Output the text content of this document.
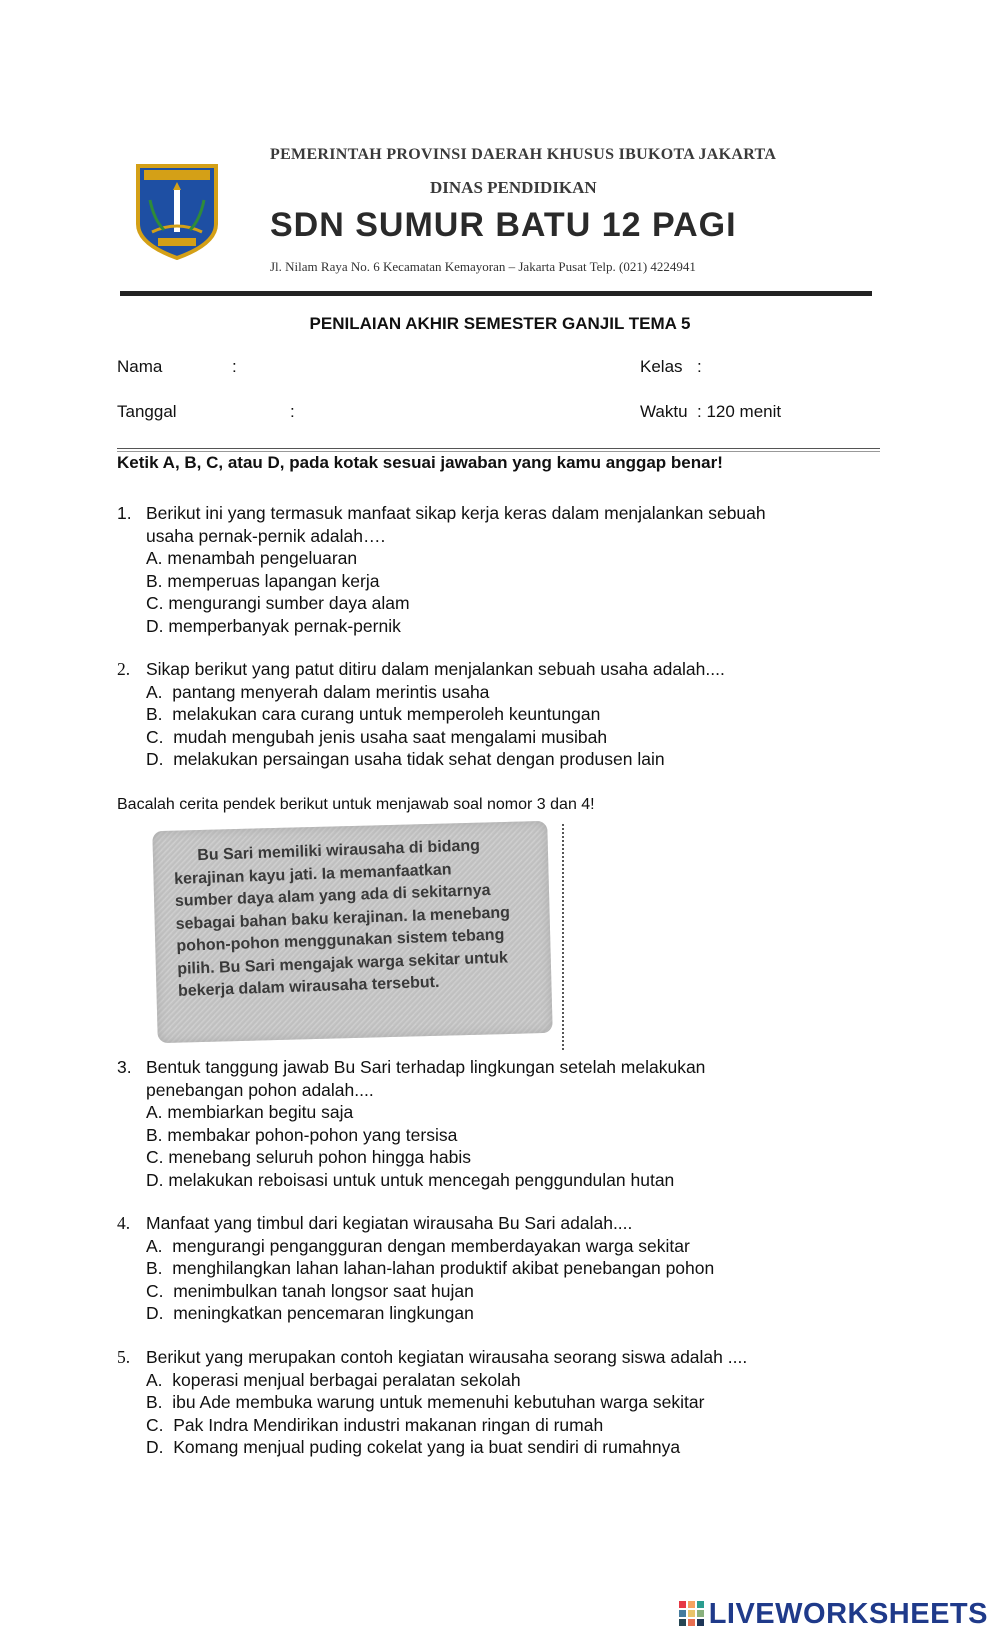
PEMERINTAH PROVINSI DAERAH KHUSUS IBUKOTA JAKARTA
DINAS PENDIDIKAN
SDN SUMUR BATU 12 PAGI
Jl. Nilam Raya No. 6 Kecamatan Kemayoran – Jakarta Pusat Telp. (021) 4224941
PENILAIAN AKHIR SEMESTER GANJIL TEMA 5
Nama	:	Kelas :
Tanggal	:	Waktu : 120 menit
Ketik A, B, C, atau D, pada kotak sesuai jawaban yang kamu anggap benar!
1. Berikut ini yang termasuk manfaat sikap kerja keras dalam menjalankan sebuah
usaha pernak-pernik adalah….
A. menambah pengeluaran
B. memperuas lapangan kerja
C. mengurangi sumber daya alam
D. memperbanyak pernak-pernik
2. Sikap berikut yang patut ditiru dalam menjalankan sebuah usaha adalah....
A. pantang menyerah dalam merintis usaha
B. melakukan cara curang untuk memperoleh keuntungan
C. mudah mengubah jenis usaha saat mengalami musibah
D. melakukan persaingan usaha tidak sehat dengan produsen lain
Bacalah cerita pendek berikut untuk menjawab soal nomor 3 dan 4!
Bu Sari memiliki wirausaha di bidang
kerajinan kayu jati. Ia memanfaatkan
sumber daya alam yang ada di sekitarnya
sebagai bahan baku kerajinan. Ia menebang
pohon-pohon menggunakan sistem tebang
pilih. Bu Sari mengajak warga sekitar untuk
bekerja dalam wirausaha tersebut.
3. Bentuk tanggung jawab Bu Sari terhadap lingkungan setelah melakukan
penebangan pohon adalah....
A. membiarkan begitu saja
B. membakar pohon-pohon yang tersisa
C. menebang seluruh pohon hingga habis
D. melakukan reboisasi untuk untuk mencegah penggundulan hutan
4. Manfaat yang timbul dari kegiatan wirausaha Bu Sari adalah....
A. mengurangi pengangguran dengan memberdayakan warga sekitar
B. menghilangkan lahan lahan-lahan produktif akibat penebangan pohon
C. menimbulkan tanah longsor saat hujan
D. meningkatkan pencemaran lingkungan
5. Berikut yang merupakan contoh kegiatan wirausaha seorang siswa adalah ....
A. koperasi menjual berbagai peralatan sekolah
B. ibu Ade membuka warung untuk memenuhi kebutuhan warga sekitar
C. Pak Indra Mendirikan industri makanan ringan di rumah
D. Komang menjual puding cokelat yang ia buat sendiri di rumahnya
LIVEWORKSHEETS
